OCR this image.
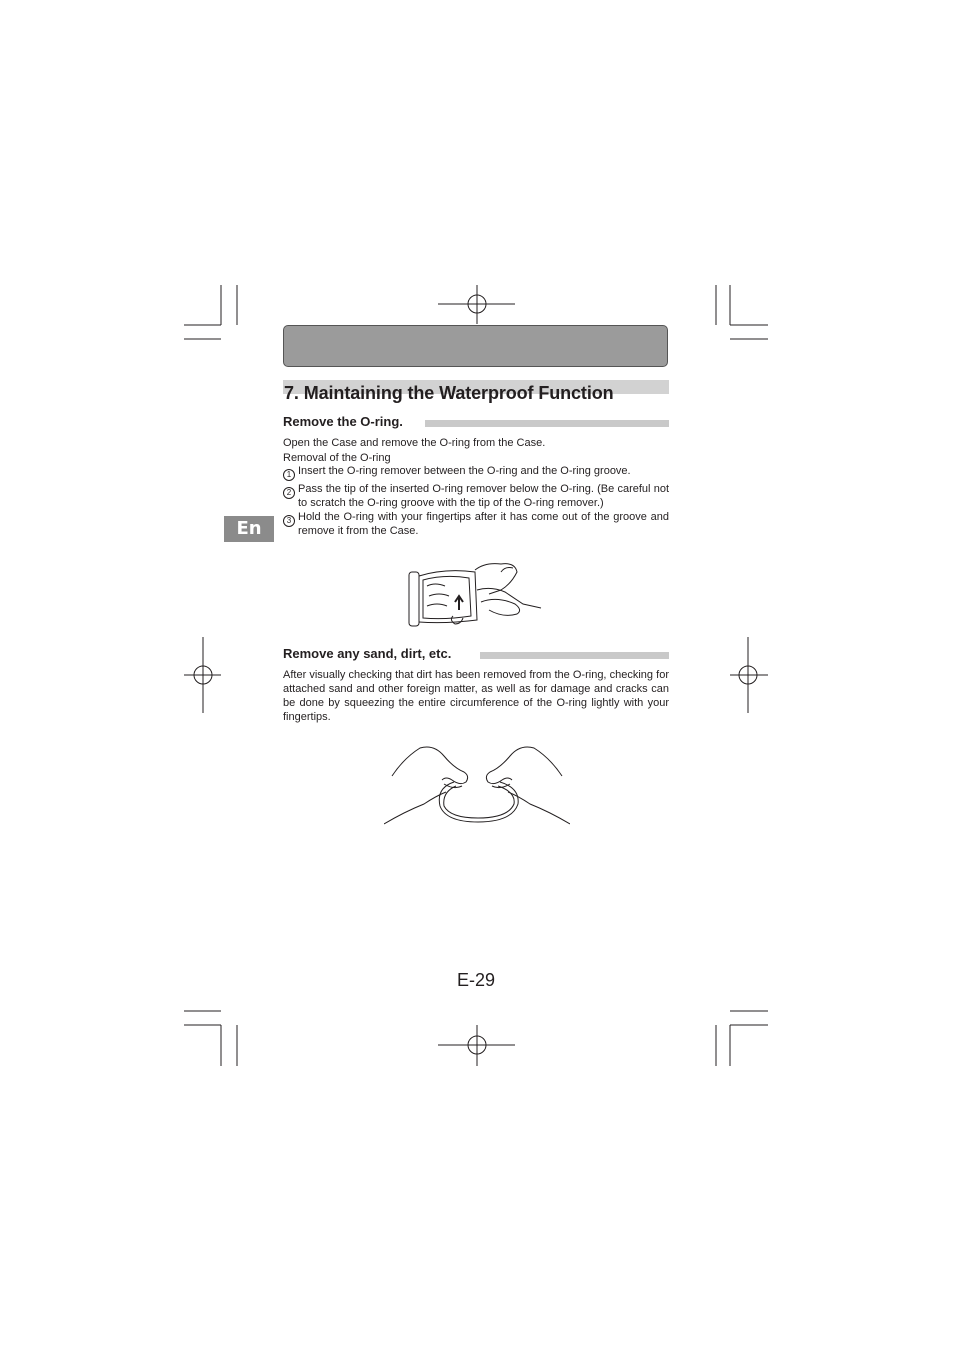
7. Maintaining the Waterproof Function
En
Remove the O-ring.
Open the Case and remove the O-ring from the Case.
Removal of the O-ring
1 Insert the O-ring remover between the O-ring and the O-ring groove.
2 Pass the tip of the inserted O-ring remover below the O-ring. (Be careful not to scratch the O-ring groove with the tip of the O-ring remover.)
3 Hold the O-ring with your fingertips after it has come out of the groove and remove it from the Case.
Remove any sand, dirt, etc.
After visually checking that dirt has been removed from the O-ring, checking for attached sand and other foreign matter, as well as for damage and cracks can be done by squeezing the entire circumference of the O-ring lightly with your fingertips.
E-29
